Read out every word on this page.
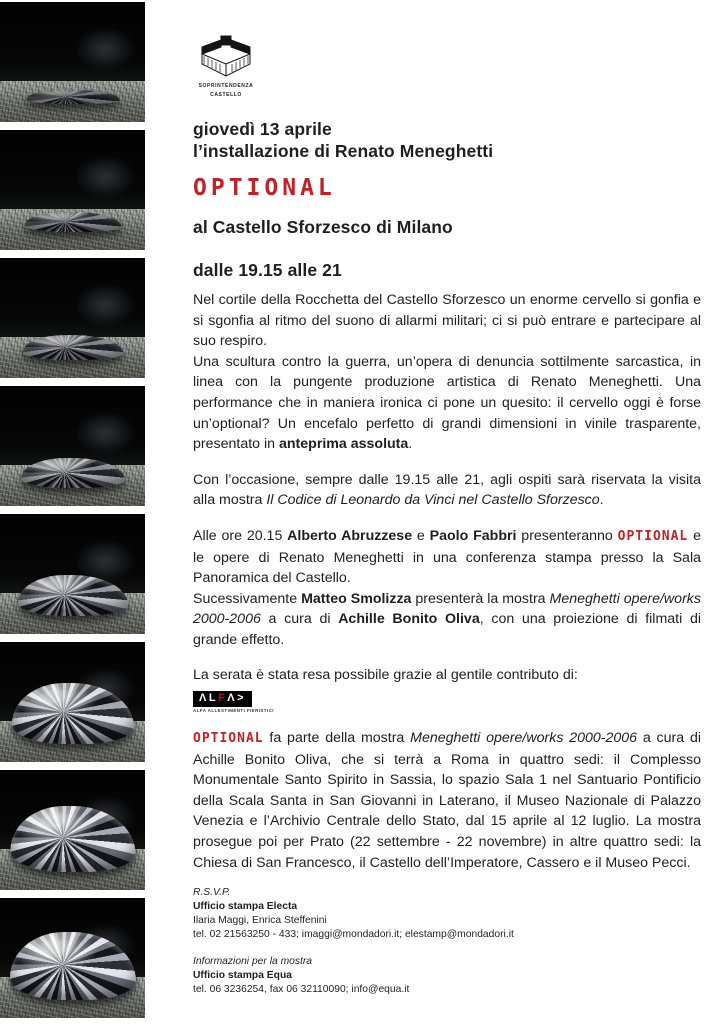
SOPRINTENDENZA
CASTELLO
giovedì 13 aprile
l’installazione di Renato Meneghetti
OPTIONAL
al Castello Sforzesco di Milano
dalle 19.15 alle 21

Nel cortile della Rocchetta del Castello Sforzesco un enorme cervello si gonfia e si sgonfia al ritmo del suono di allarmi militari; ci si può entrare e partecipare al suo respiro.

Una scultura contro la guerra, un’opera di denuncia sottilmente sarcastica, in linea con la pungente produzione artistica di Renato Meneghetti. Una performance che in maniera ironica ci pone un quesito: il cervello oggi è forse un’optional? Un encefalo perfetto di grandi dimensioni in vinile trasparente, presentato in anteprima assoluta.

Con l’occasione, sempre dalle 19.15 alle 21, agli ospiti sarà riservata la visita alla mostra Il Codice di Leonardo da Vinci nel Castello Sforzesco.

Alle ore 20.15 Alberto Abruzzese e Paolo Fabbri presenteranno OPTIONAL e le opere di Renato Meneghetti in una conferenza stampa presso la Sala Panoramica del Castello.

Sucessivamente Matteo Smolizza presenterà la mostra Meneghetti opere/works 2000-2006 a cura di Achille Bonito Oliva, con una proiezione di filmati di grande effetto.

La serata è stata resa possibile grazie al gentile contributo di:
ΛLFΛ>
ALFA ALLESTIMENTI FIERISTICI

OPTIONAL fa parte della mostra Meneghetti opere/works 2000-2006 a cura di Achille Bonito Oliva, che si terrà a Roma in quattro sedi: il Complesso Monumentale Santo Spirito in Sassia, lo spazio Sala 1 nel Santuario Pontificio della Scala Santa in San Giovanni in Laterano, il Museo Nazionale di Palazzo Venezia e l’Archivio Centrale dello Stato, dal 15 aprile al 12 luglio. La mostra prosegue poi per Prato (22 settembre - 22 novembre) in altre quattro sedi: la Chiesa di San Francesco, il Castello dell’Imperatore, Cassero e il Museo Pecci.

R.S.V.P.
Ufficio stampa Electa
Ilaria Maggi, Enrica Steffenini
tel. 02 21563250 - 433; imaggi@mondadori.it; elestamp@mondadori.it
Informazioni per la mostra
Ufficio stampa Equa
tel. 06 3236254, fax 06 32110090; info@equa.it
